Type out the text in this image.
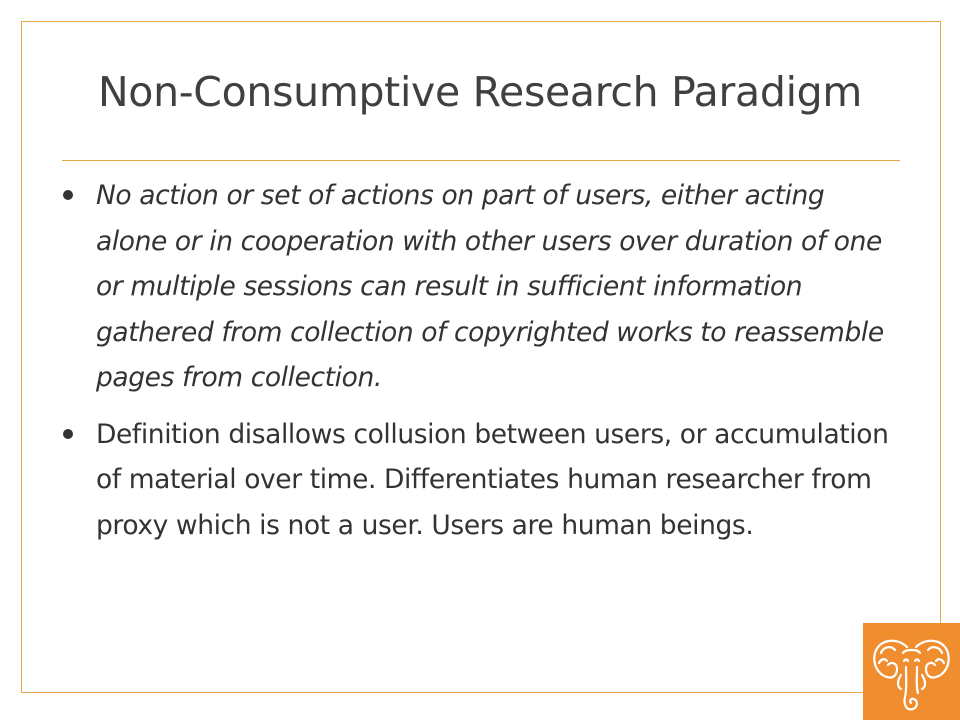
Non-Consumptive Research Paradigm
No action or set of actions on part of users, either acting alone or in cooperation with other users over duration of one or multiple sessions can result in sufficient information gathered from collection of copyrighted works to reassemble pages from collection.
Definition disallows collusion between users, or accumulation of material over time. Differentiates human researcher from proxy which is not a user. Users are human beings.
